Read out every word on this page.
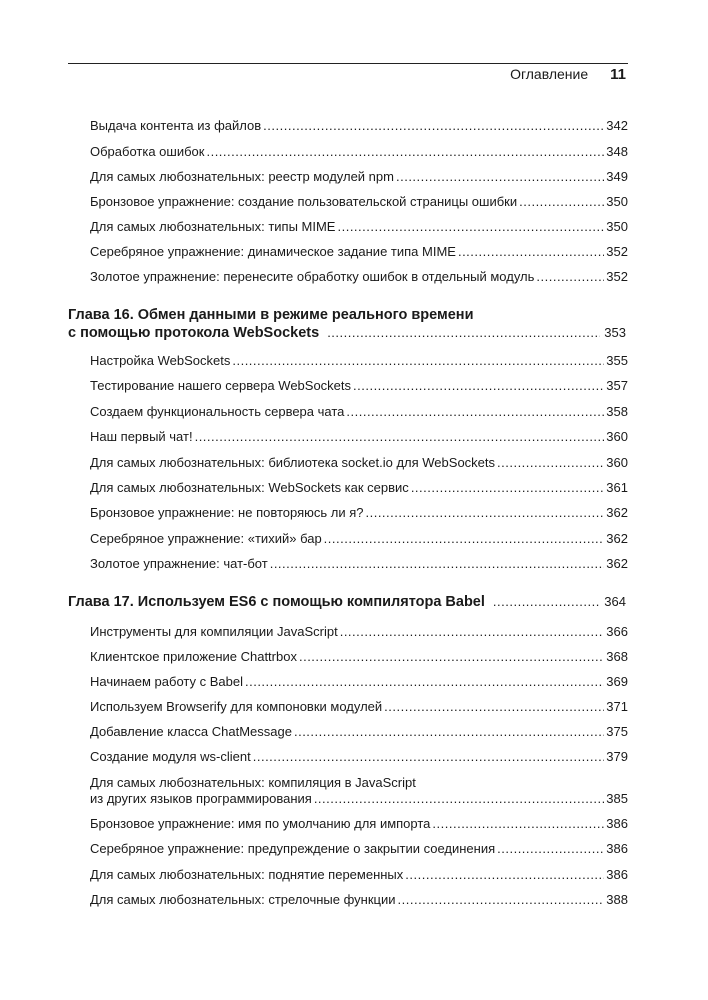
Оглавление 11
Выдача контента из файлов .....	342
Обработка ошибок .....	348
Для самых любознательных: реестр модулей npm .....	349
Бронзовое упражнение: создание пользовательской страницы ошибки .....	350
Для самых любознательных: типы MIME .....	350
Серебряное упражнение: динамическое задание типа MIME .....	352
Золотое упражнение: перенесите обработку ошибок в отдельный модуль .....	352
Глава 16. Обмен данными в режиме реального времени
с помощью протокола WebSockets .....	353
Настройка WebSockets .....	355
Тестирование нашего сервера WebSockets .....	357
Создаем функциональность сервера чата .....	358
Наш первый чат! .....	360
Для самых любознательных: библиотека socket.io для WebSockets .....	360
Для самых любознательных: WebSockets как сервис .....	361
Бронзовое упражнение: не повторяюсь ли я? .....	362
Серебряное упражнение: «тихий» бар .....	362
Золотое упражнение: чат-бот .....	362
Глава 17. Используем ES6 с помощью компилятора Babel .....	364
Инструменты для компиляции JavaScript .....	366
Клиентское приложение Chattrbox .....	368
Начинаем работу с Babel .....	369
Используем Browserify для компоновки модулей .....	371
Добавление класса ChatMessage .....	375
Создание модуля ws-client .....	379
Для самых любознательных: компиляция в JavaScript
из других языков программирования .....	385
Бронзовое упражнение: имя по умолчанию для импорта .....	386
Серебряное упражнение: предупреждение о закрытии соединения .....	386
Для самых любознательных: поднятие переменных .....	386
Для самых любознательных: стрелочные функции .....	388
